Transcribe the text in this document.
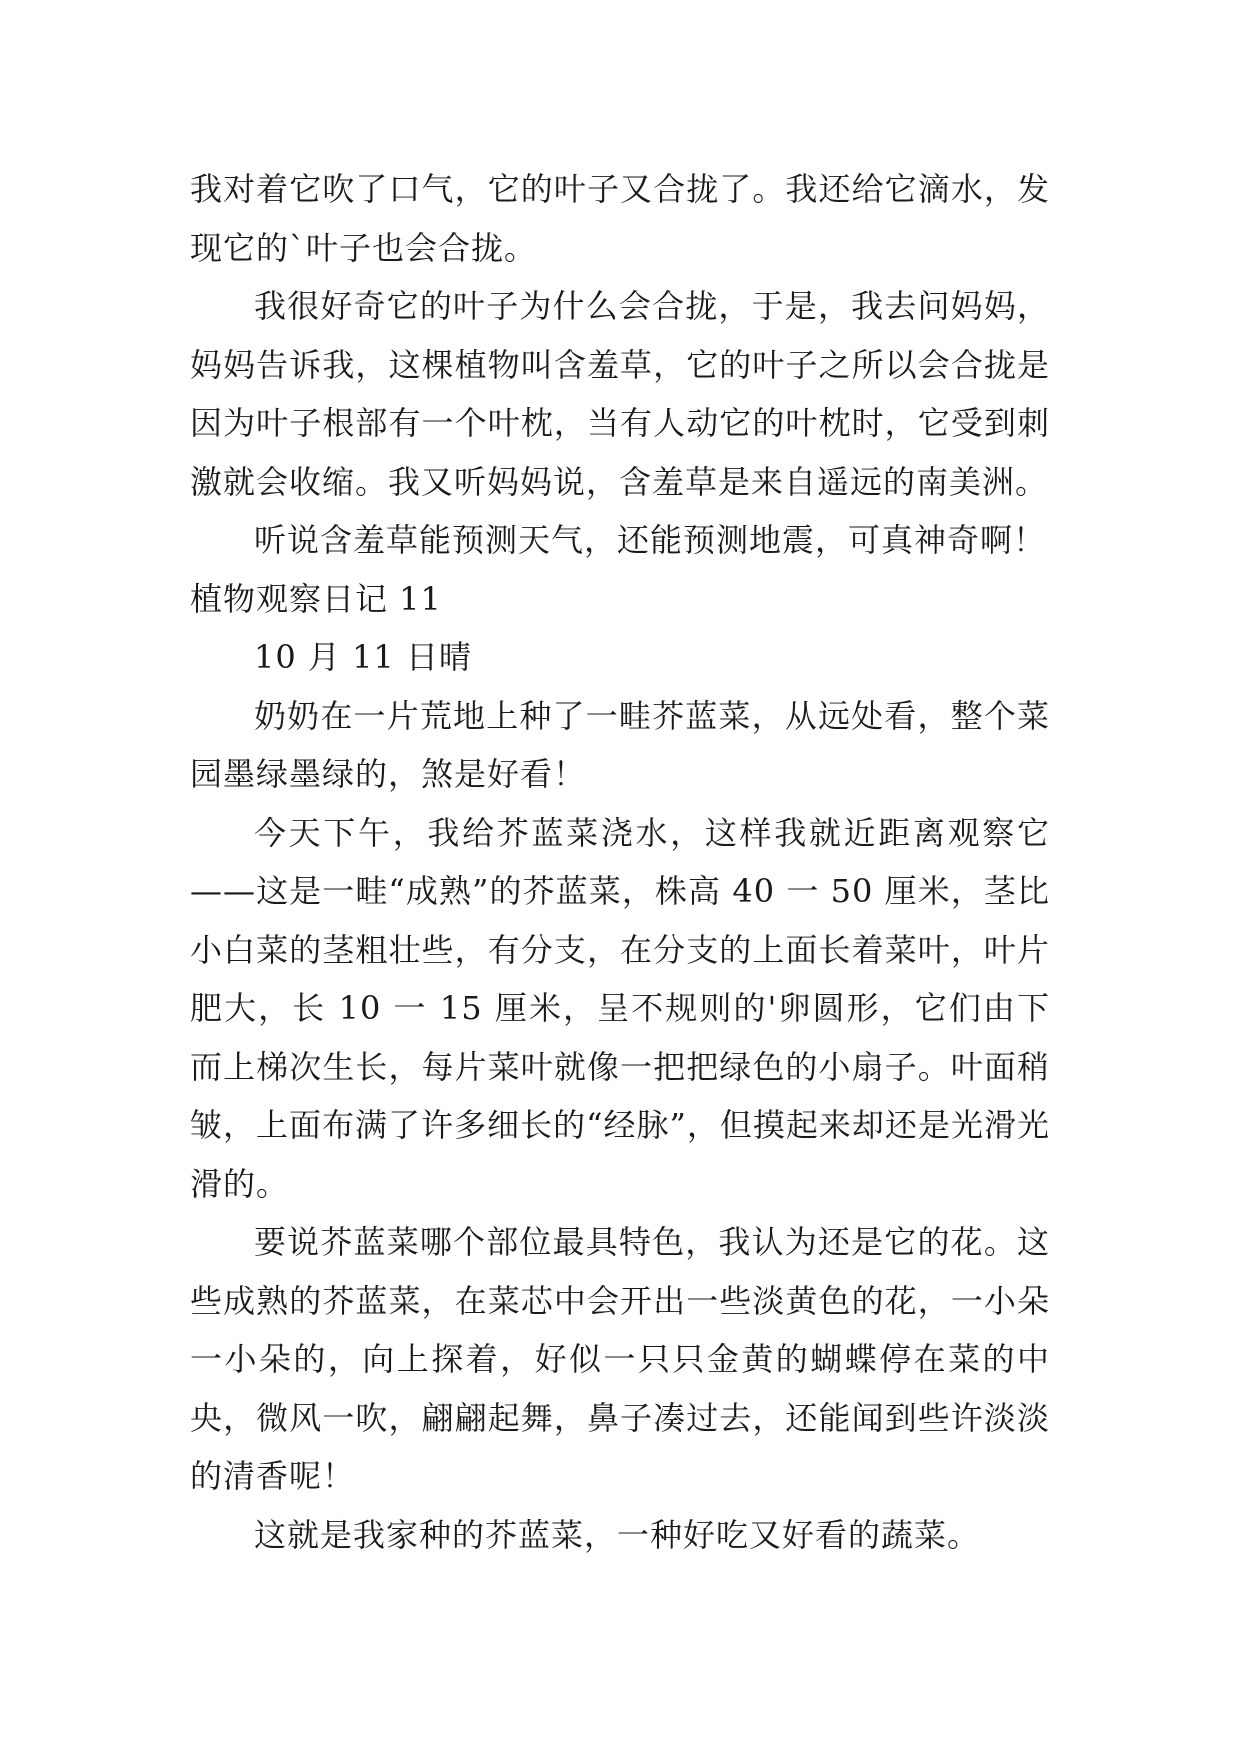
我对着它吹了口气，它的叶子又合拢了。我还给它滴水，发现它的`叶子也会合拢。

我很好奇它的叶子为什么会合拢，于是，我去问妈妈，妈妈告诉我，这棵植物叫含羞草，它的叶子之所以会合拢是因为叶子根部有一个叶枕，当有人动它的叶枕时，它受到刺激就会收缩。我又听妈妈说，含羞草是来自遥远的南美洲。

听说含羞草能预测天气，还能预测地震，可真神奇啊！

植物观察日记 11

10 月 11 日晴

奶奶在一片荒地上种了一畦芥蓝菜，从远处看，整个菜园墨绿墨绿的，煞是好看！

今天下午，我给芥蓝菜浇水，这样我就近距离观察它——这是一畦“成熟”的芥蓝菜，株高 40 一 50 厘米，茎比小白菜的茎粗壮些，有分支，在分支的上面长着菜叶，叶片肥大，长 10 一 15 厘米，呈不规则的'卵圆形，它们由下而上梯次生长，每片菜叶就像一把把绿色的小扇子。叶面稍皱，上面布满了许多细长的“经脉”，但摸起来却还是光滑光滑的。

要说芥蓝菜哪个部位最具特色，我认为还是它的花。这些成熟的芥蓝菜，在菜芯中会开出一些淡黄色的花，一小朵一小朵的，向上探着，好似一只只金黄的蝴蝶停在菜的中央，微风一吹，翩翩起舞，鼻子凑过去，还能闻到些许淡淡的清香呢！

这就是我家种的芥蓝菜，一种好吃又好看的蔬菜。
